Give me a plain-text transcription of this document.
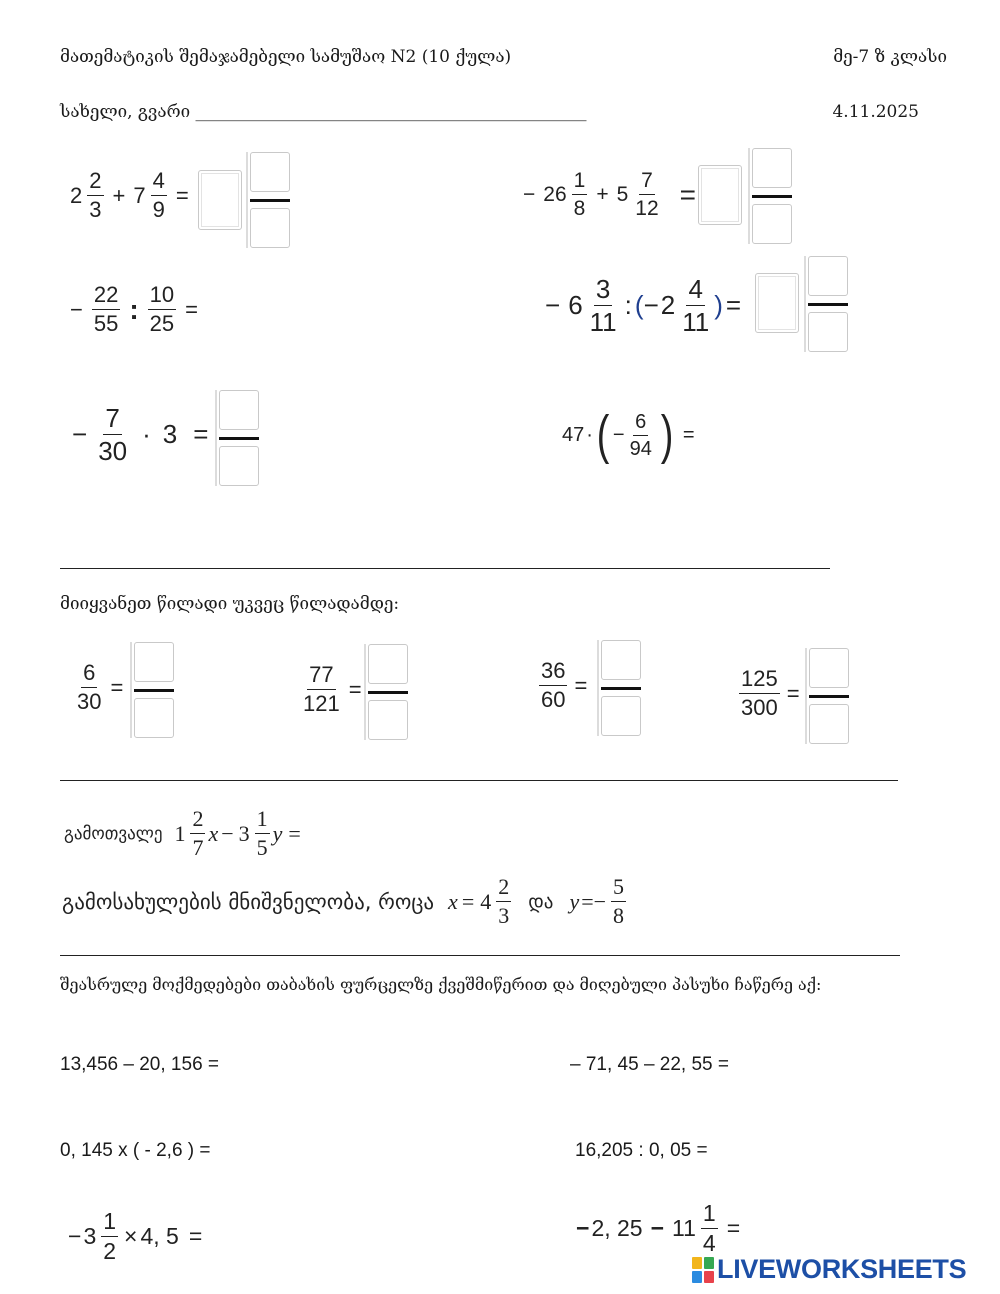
მათემატიკის შემაჯამებელი სამუშაო N2 (10 ქულა)	მე-7 ზ კლასი
სახელი, გვარი ______________________________________________	4.11.2025
$2 \frac{2}{3} + 7 \frac{4}{9}$ =	− $26 \frac{1}{8} + 5 \frac{7}{12}$ =
− $\frac{22}{55}$ : $\frac{10}{25}$ =	− $6 \frac{3}{11}$ : ( − $2 \frac{4}{11}$ ) =
− $\frac{7}{30} \cdot 3$ =	47 · ( − $\frac{6}{94}$ ) =
მიიყვანეთ წილადი უკვეც წილადამდე:
$\frac{6}{30}$ =	$\frac{77}{121}$ =	$\frac{36}{60}$ =	$\frac{125}{300}$ =
გამოთვალე $1 \frac{2}{7}$ $x - 3 \frac{1}{5}$ y =
გამოსახულების მნიშვნელობა, როცა $x = 4 \frac{2}{3}$ და $y =- \frac{5}{8}$
შეასრულე მოქმედებები თაბახის ფურცელზე ქვეშმიწერით და მიღებული პასუხი ჩაწერე აქ:
13,456 – 20, 156 =	– 71, 45 – 22, 55 =
0, 145 x ( - 2,6 ) =	16,205 : 0, 05 =
− $3 \frac{1}{2} \times 4$, 5 =	− 2, $25 - 11 \frac{1}{4}$ =
LIVEWORKSHEETS
